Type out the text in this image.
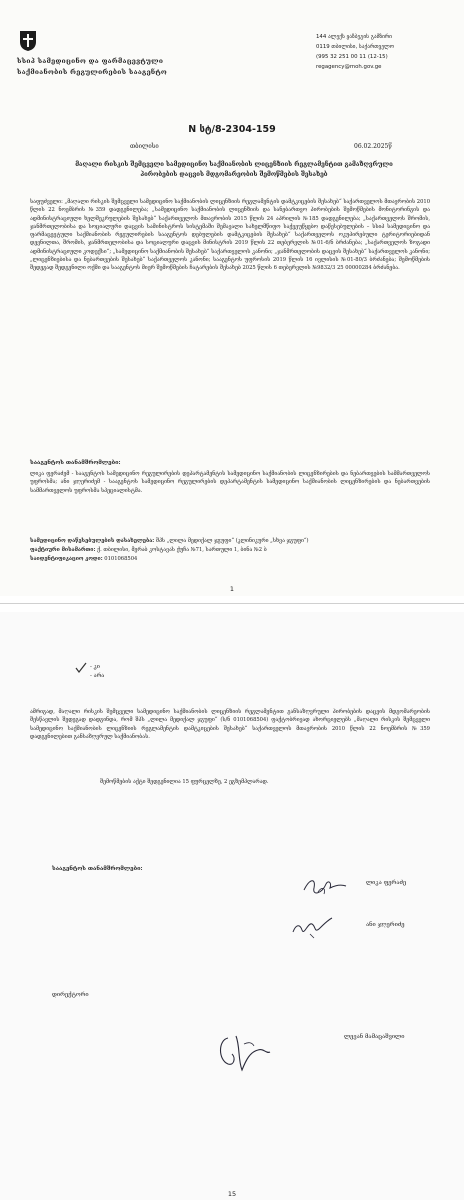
სსიპ სამედიცინო და ფარმაცევტული
საქმიანობის რეგულირების სააგენტო
144 ალექს ყაზბეგის გამზირი
0119 თბილისი, საქართველო
(995 32 251 00 11 (12-15)
regagency@moh.gov.ge
N სტ/8-2304-159
თბილისი	06.02.2025წ
მაღალი რისკის შემცველი სამედიცინო საქმიანობის ლიცენზიის რეგლამენტით გამაზღვრული
პირობების დაცვის მდგომარეობის შემოწმების შესახებ
საფუძველი: „მაღალი რისკის შემცველი სამედიცინო საქმიანობის ლიცენზიის რეგლამენტის დამტკიცების შესახებ“ საქართველოს მთავრობის 2010 წლის 22 ნოემბრის №359 დადგენილება; „სამედიცინო საქმიანობის ლიცენზიის და სანებართვო პირობების შემოწმების მონიტორინგის და ადმინისტრაციული ხელშეკრულების შესახებ“ საქართველოს მთავრობის 2015 წლის 24 აპრილის №185 დადგენილება; „საქართველოს შრომის, ჯანმრთელობისა და სოციალური დაცვის სამინისტროს სისტემაში შემავალი სახელმწიფო საქვეუწყებო დაწესებულების – სსიპ სამედიცინო და ფარმაცევტული საქმიანობის რეგულირების სააგენტოს დებულების დამტკიცების შესახებ“ საქართველოს ოკუპირებული ტერიტორიებიდან დევნილთა, შრომის, ჯანმრთელობისა და სოციალური დაცვის მინისტრის 2019 წლის 22 თებერვლის №01-6/ნ ბრძანება; „საქართველოს ზოგადი ადმინისტრაციული კოდექსი“; „სამედიცინო საქმიანობის შესახებ“ საქართველოს კანონი; „ჯანმრთელობის დაცვის შესახებ“ საქართველოს კანონი; „ლიცენზიებისა და ნებართვების შესახებ“ საქართველოს კანონი; სააგენტოს უფროსის 2019 წლის 16 ივლისის №01-80/3 ბრძანება; შემოწმების შედეგად შედგენილი ოქმი და სააგენტოს მიერ შემოწმების ჩატარების შესახებ 2025 წლის 6 თებერვლის №9832/3 25 00000284 ბრძანება.
სააგენტოს თანამშრომლები:
ლიკა ფერაძემ - სააგენტოს სამედიცინო რეგულირების დეპარტამენტის სამედიცინო საქმიანობის ლიცენზირების და ნებართვების სამმართველოს უფროსმა; ანი ჯღერიძემ - სააგენტოს სამედიცინო რეგულირების დეპარტამენტის სამედიცინო საქმიანობის ლიცენზირების და ნებართვების სამმართველოს უფროსმა სპეციალისტმა.
სამედიცინო დაწესებულების დასახელება: შპს „ლილა მედიქალ ჯგუფი“ (კლინიკური „სხვა ჯგუფი“)
ფაქტიური მისამართი: ქ. თბილისი, მერაბ კოსტავას ქუჩა №71, სართული 1, ბინა №2 ბ
საიდენტიფიკაციო კოდი: 0101068504
1
- კი
- არა
ამრიგად, მაღალი რისკის შემცველი სამედიცინო საქმიანობის ლიცენზიის რეგლამენტით განსაზღვრული პირობების დაცვის მდგომარეობის შესწავლის შედეგად დადგინდა, რომ შპს „ლილა მედიქალ ჯგუფი“ (ს/ნ 0101068504) ფაქტობრივად ახორციელებს „მაღალი რისკის შემცველი სამედიცინო საქმიანობის ლიცენზიის რეგლამენტის დამტკიცების შესახებ“ საქართველოს მთავრობის 2010 წლის 22 ნოემბრის №359 დადგენილებით განსაზღვრულ საქმიანობას.
შემოწმების აქტი შედგენილია 15 ფურცელზე, 2 ეგზემპლარად.
სააგენტოს თანამშრომლები:
ლიკა ფერაძე
ანი ჯღერიძე
დირექტორი
ლევან მამაცაშვილი
15
